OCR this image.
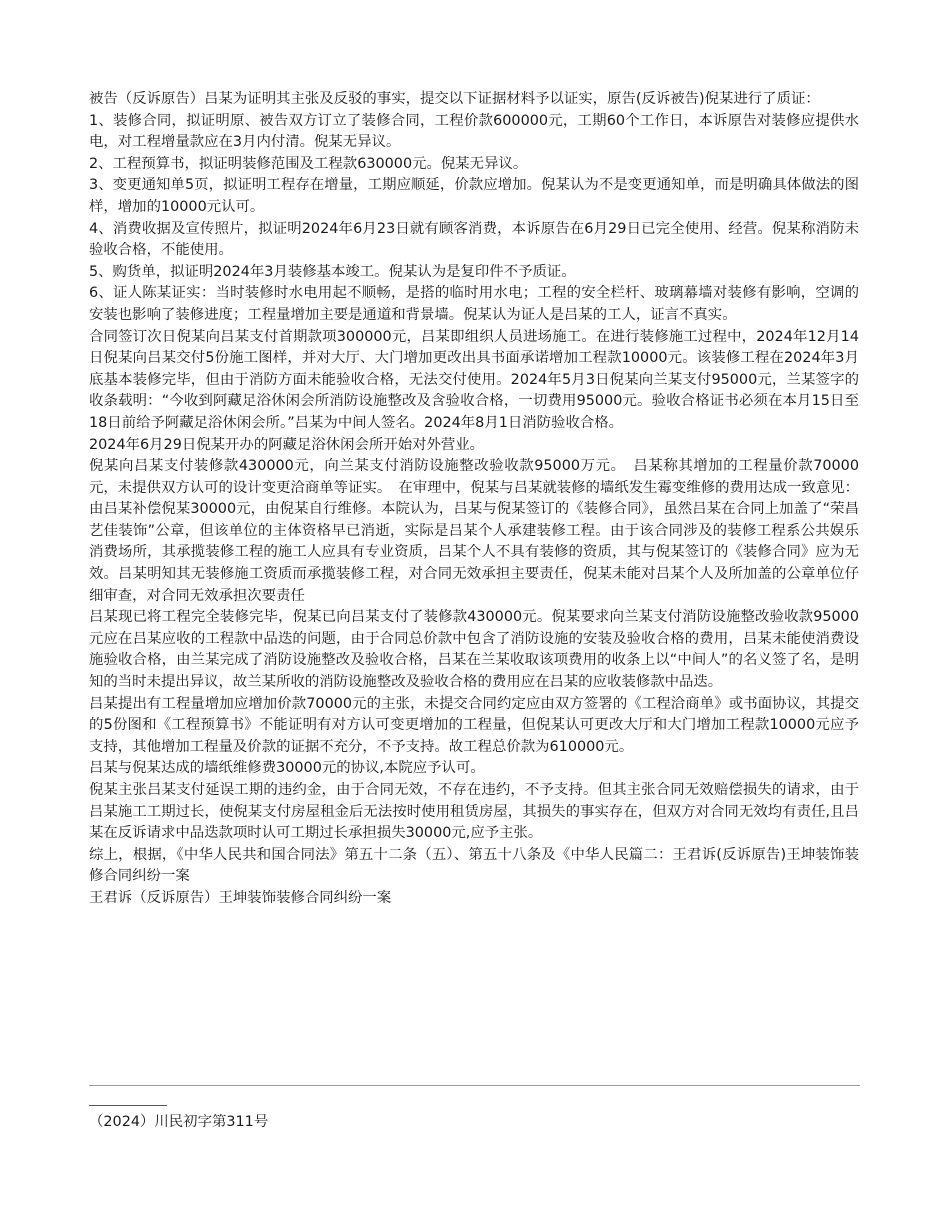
被告（反诉原告）吕某为证明其主张及反驳的事实，提交以下证据材料予以证实，原告(反诉被告)倪某进行了质证：

1、装修合同，拟证明原、被告双方订立了装修合同，工程价款600000元，工期60个工作日，本诉原告对装修应提供水电，对工程增量款应在3月内付清。倪某无异议。

2、工程预算书，拟证明装修范围及工程款630000元。倪某无异议。

3、变更通知单5页，拟证明工程存在增量，工期应顺延，价款应增加。倪某认为不是变更通知单，而是明确具体做法的图样，增加的10000元认可。

4、消费收据及宣传照片，拟证明2024年6月23日就有顾客消费，本诉原告在6月29日已完全使用、经营。倪某称消防未验收合格，不能使用。

5、购货单，拟证明2024年3月装修基本竣工。倪某认为是复印件不予质证。

6、证人陈某证实：当时装修时水电用起不顺畅，是搭的临时用水电；工程的安全栏杆、玻璃幕墙对装修有影响，空调的安装也影响了装修进度；工程量增加主要是通道和背景墙。倪某认为证人是吕某的工人，证言不真实。

合同签订次日倪某向吕某支付首期款项300000元，吕某即组织人员进场施工。在进行装修施工过程中，2024年12月14日倪某向吕某交付5份施工图样，并对大厅、大门增加更改出具书面承诺增加工程款10000元。该装修工程在2024年3月底基本装修完毕，但由于消防方面未能验收合格，无法交付使用。2024年5月3日倪某向兰某支付95000元，兰某签字的收条载明：“今收到阿藏足浴休闲会所消防设施整改及含验收合格，一切费用95000元。验收合格证书必须在本月15日至18日前给予阿藏足浴休闲会所。”吕某为中间人签名。2024年8月1日消防验收合格。

2024年6月29日倪某开办的阿藏足浴休闲会所开始对外营业。

倪某向吕某支付装修款430000元，向兰某支付消防设施整改验收款95000万元。　吕某称其增加的工程量价款70000元，未提供双方认可的设计变更洽商单等证实。　在审理中，倪某与吕某就装修的墙纸发生霉变维修的费用达成一致意见：由吕某补偿倪某30000元，由倪某自行维修。本院认为，吕某与倪某签订的《装修合同》，虽然吕某在合同上加盖了“荣昌艺佳装饰”公章，但该单位的主体资格早已消逝，实际是吕某个人承建装修工程。由于该合同涉及的装修工程系公共娱乐消费场所，其承揽装修工程的施工人应具有专业资质，吕某个人不具有装修的资质，其与倪某签订的《装修合同》应为无效。吕某明知其无装修施工资质而承揽装修工程，对合同无效承担主要责任，倪某未能对吕某个人及所加盖的公章单位仔细审查，对合同无效承担次要责任

吕某现已将工程完全装修完毕，倪某已向吕某支付了装修款430000元。倪某要求向兰某支付消防设施整改验收款95000元应在吕某应收的工程款中品迭的问题，由于合同总价款中包含了消防设施的安装及验收合格的费用，吕某未能使消费设施验收合格，由兰某完成了消防设施整改及验收合格，吕某在兰某收取该项费用的收条上以“中间人”的名义签了名，是明知的当时未提出异议，故兰某所收的消防设施整改及验收合格的费用应在吕某的应收装修款中品迭。

吕某提出有工程量增加应增加价款70000元的主张，未提交合同约定应由双方签署的《工程洽商单》或书面协议，其提交的5份图和《工程预算书》不能证明有对方认可变更增加的工程量，但倪某认可更改大厅和大门增加工程款10000元应予支持，其他增加工程量及价款的证据不充分，不予支持。故工程总价款为610000元。

吕某与倪某达成的墙纸维修费30000元的协议,本院应予认可。

倪某主张吕某支付延误工期的违约金，由于合同无效，不存在违约，不予支持。但其主张合同无效赔偿损失的请求，由于吕某施工工期过长，使倪某支付房屋租金后无法按时使用租赁房屋，其损失的事实存在，但双方对合同无效均有责任,且吕某在反诉请求中品迭款项时认可工期过长承担损失30000元,应予主张。

综上，根据，《中华人民共和国合同法》第五十二条（五）、第五十八条及《中华人民篇二：王君诉(反诉原告)王坤装饰装修合同纠纷一案

王君诉（反诉原告）王坤装饰装修合同纠纷一案

（2024）川民初字第311号
